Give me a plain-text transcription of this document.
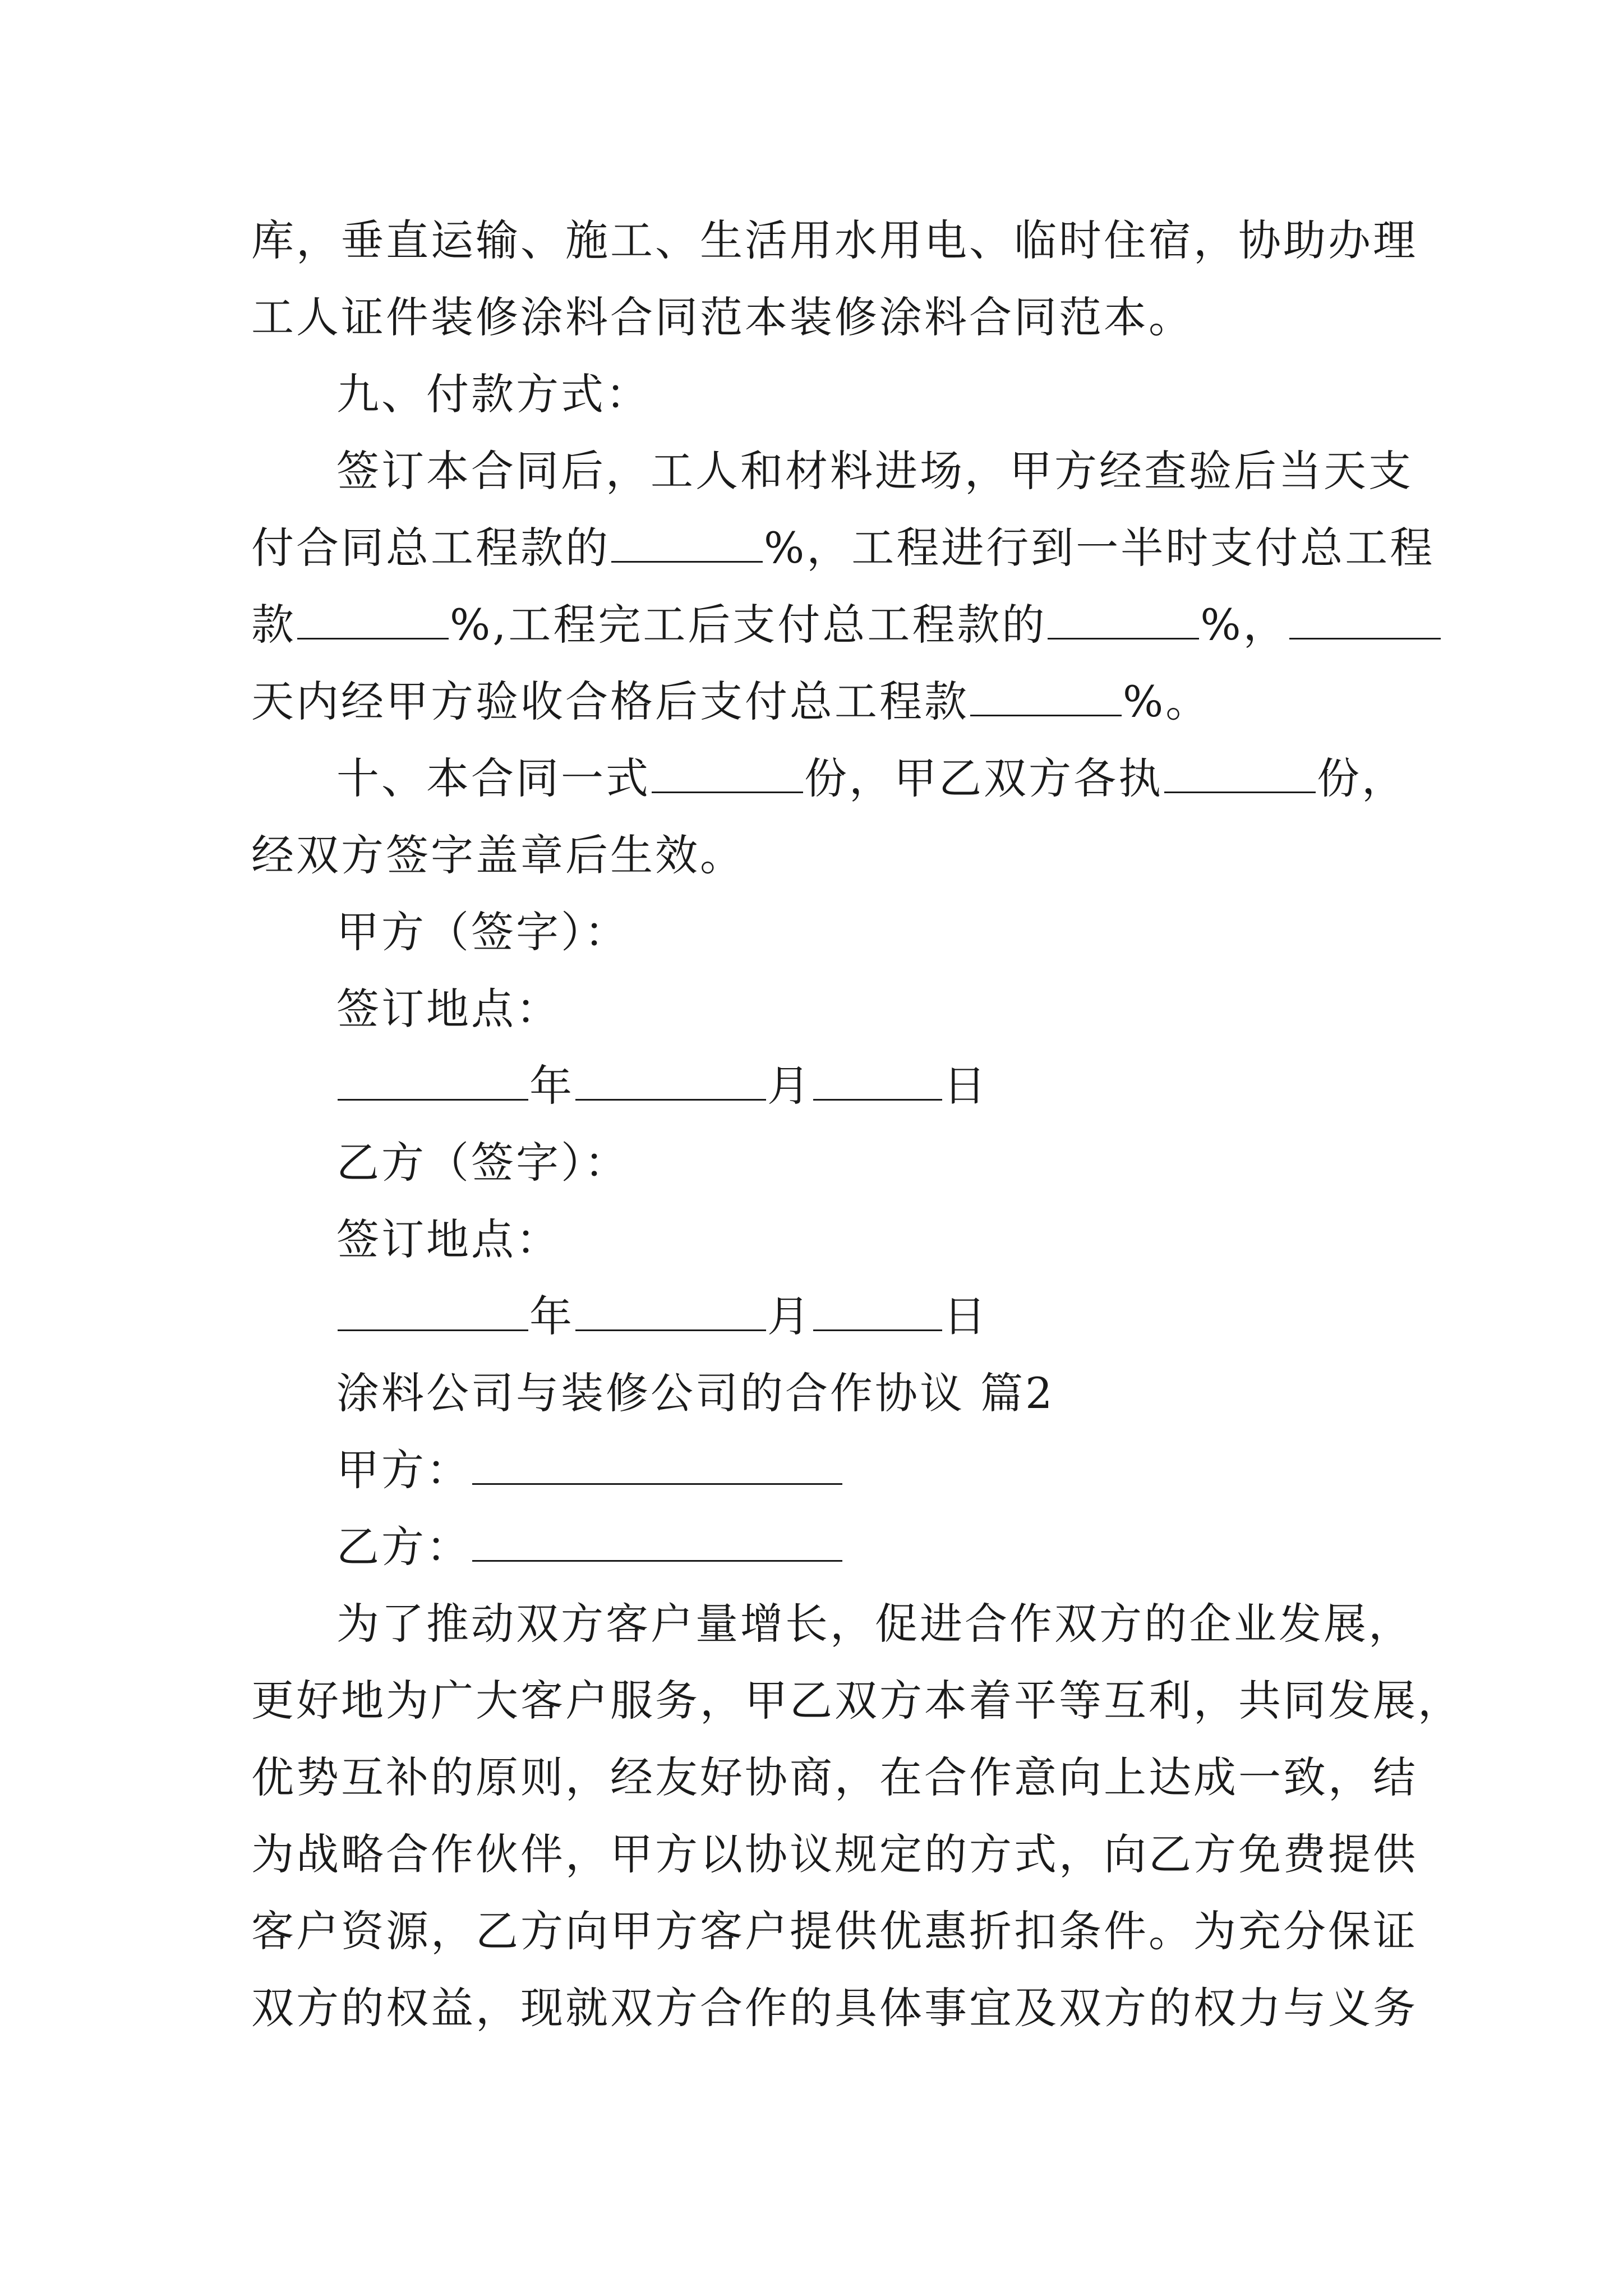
库，垂直运输、施工、生活用水用电、临时住宿，协助办理
工人证件装修涂料合同范本装修涂料合同范本。
九、付款方式：
签订本合同后，工人和材料进场，甲方经查验后当天支
付合同总工程款的	%，工程进行到一半时支付总工程
款	%,工程完工后支付总工程款的	%，
天内经甲方验收合格后支付总工程款	%。
十、本合同一式	份，甲乙双方各执	份，
经双方签字盖章后生效。
甲方（签字）：
签订地点：
年	月	日
乙方（签字）：
签订地点：
年	月	日
涂料公司与装修公司的合作协议 篇2
甲方：
乙方：
为了推动双方客户量增长，促进合作双方的企业发展，
更好地为广大客户服务，甲乙双方本着平等互利，共同发展，
优势互补的原则，经友好协商，在合作意向上达成一致，结
为战略合作伙伴，甲方以协议规定的方式，向乙方免费提供
客户资源，乙方向甲方客户提供优惠折扣条件。为充分保证
双方的权益，现就双方合作的具体事宜及双方的权力与义务
